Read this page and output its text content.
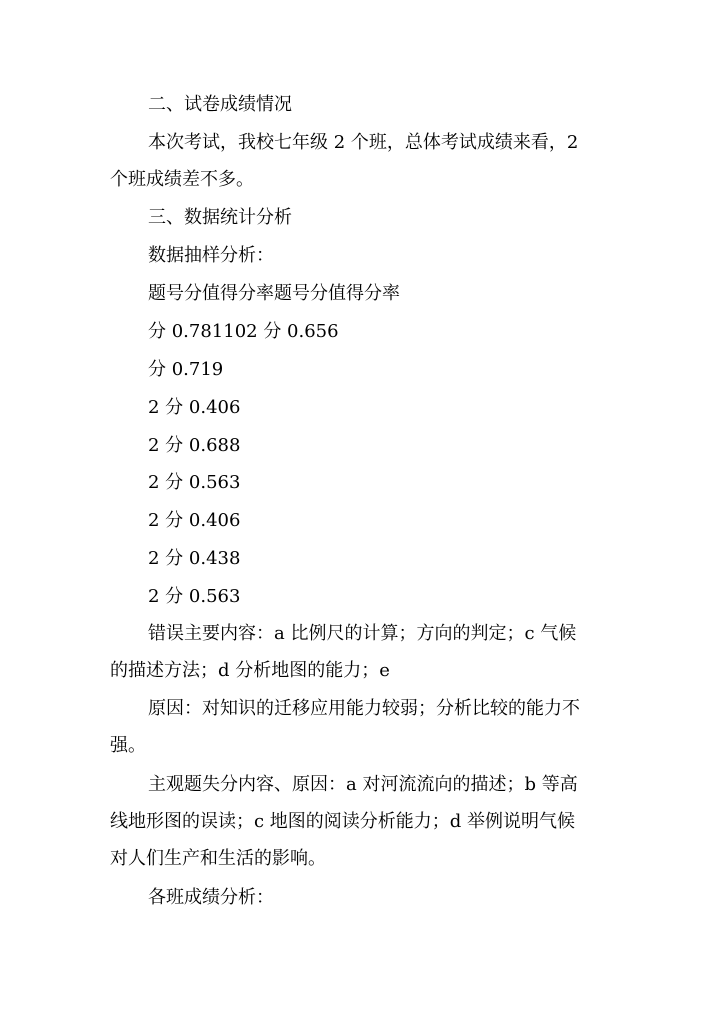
二、试卷成绩情况
本次考试，我校七年级 2 个班，总体考试成绩来看，2
个班成绩差不多。
三、数据统计分析
数据抽样分析：
题号分值得分率题号分值得分率
分 0.781102 分 0.656
分 0.719
2 分 0.406
2 分 0.688
2 分 0.563
2 分 0.406
2 分 0.438
2 分 0.563
错误主要内容：a 比例尺的计算；方向的判定；c 气候
的描述方法；d 分析地图的能力；e
原因：对知识的迁移应用能力较弱；分析比较的能力不
强。
主观题失分内容、原因：a 对河流流向的描述；b 等高
线地形图的误读；c 地图的阅读分析能力；d 举例说明气候
对人们生产和生活的影响。
各班成绩分析：
